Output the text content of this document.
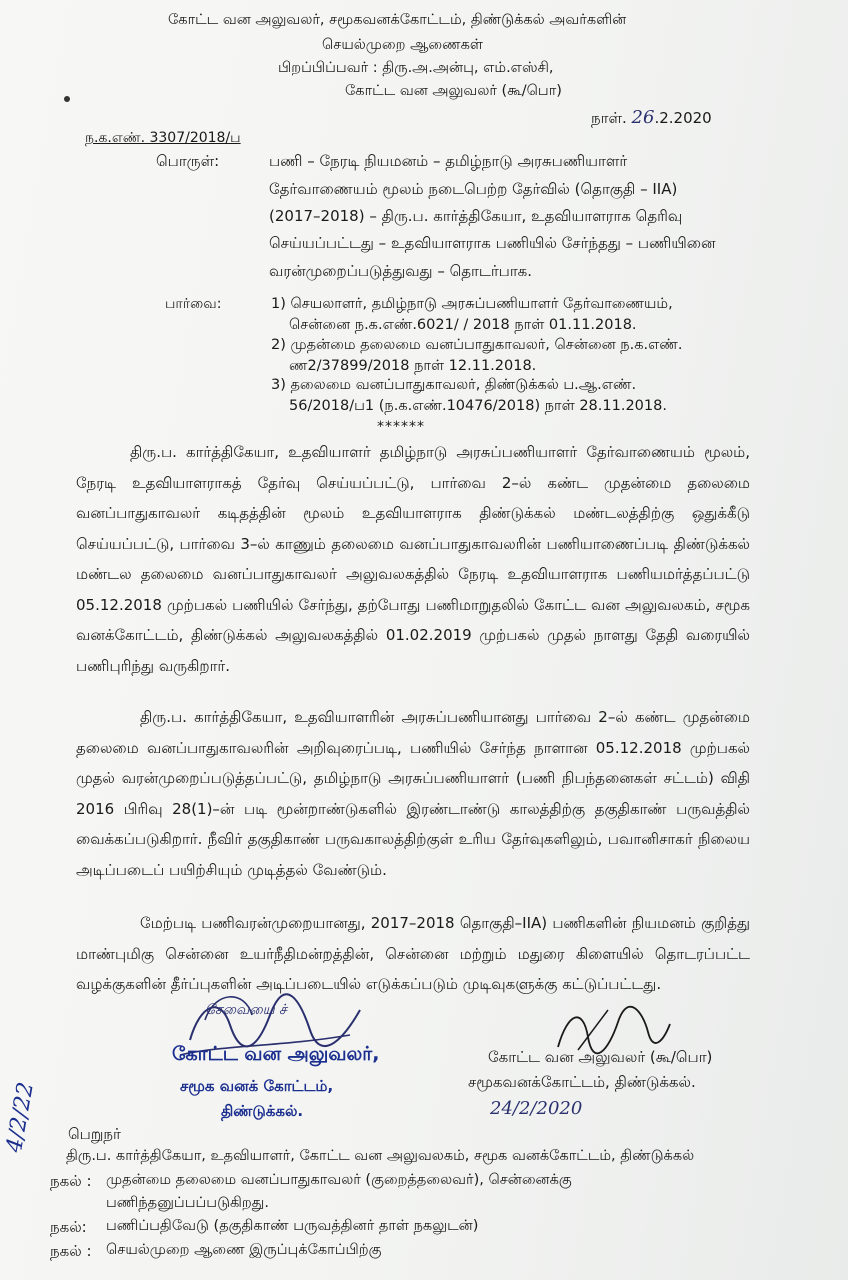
கோட்ட வன அலுவலர், சமூகவனக்கோட்டம், திண்டுக்கல் அவர்களின்
செயல்முறை ஆணைகள்
பிறப்பிப்பவர் : திரு.அ.அன்பு, எம்.எஸ்சி,
கோட்ட வன அலுவலர் (கூ/பொ)
ந.க.எண். 3307/2018/ப
நாள். 26.2.2020
பொருள்:	பணி – நேரடி நியமனம் – தமிழ்நாடு அரசுபணியாளர்
தேர்வாணையம் மூலம் நடைபெற்ற தேர்வில் (தொகுதி – IIA)
(2017–2018) – திரு.ப. கார்த்திகேயா, உதவியாளராக தெரிவு
செய்யப்பட்டது – உதவியாளராக பணியில் சேர்ந்தது – பணியினை
வரன்முறைப்படுத்துவது – தொடர்பாக.
பார்வை:	1) செயலாளர், தமிழ்நாடு அரசுப்பணியாளர் தேர்வாணையம்,
சென்னை ந.க.எண்.6021/ / 2018 நாள் 01.11.2018.
2) முதன்மை தலைமை வனப்பாதுகாவலர், சென்னை ந.க.எண்.
ண2/37899/2018 நாள் 12.11.2018.
3) தலைமை வனப்பாதுகாவலர், திண்டுக்கல் ப.ஆ.எண்.
56/2018/ப1 (ந.க.எண்.10476/2018) நாள் 28.11.2018.
******
திரு.ப. கார்த்திகேயா, உதவியாளர் தமிழ்நாடு அரசுப்பணியாளர் தேர்வாணையம் மூலம், நேரடி உதவியாளராகத் தேர்வு செய்யப்பட்டு, பார்வை 2–ல் கண்ட முதன்மை தலைமை வனப்பாதுகாவலர் கடிதத்தின் மூலம் உதவியாளராக திண்டுக்கல் மண்டலத்திற்கு ஒதுக்கீடு செய்யப்பட்டு, பார்வை 3–ல் காணும் தலைமை வனப்பாதுகாவலரின் பணியாணைப்படி திண்டுக்கல் மண்டல தலைமை வனப்பாதுகாவலர் அலுவலகத்தில் நேரடி உதவியாளராக பணியமர்த்தப்பட்டு 05.12.2018 முற்பகல் பணியில் சேர்ந்து, தற்போது பணிமாறுதலில் கோட்ட வன அலுவலகம், சமூக வனக்கோட்டம், திண்டுக்கல் அலுவலகத்தில் 01.02.2019 முற்பகல் முதல் நாளது தேதி வரையில் பணிபுரிந்து வருகிறார்.
திரு.ப. கார்த்திகேயா, உதவியாளரின் அரசுப்பணியானது பார்வை 2–ல் கண்ட முதன்மை தலைமை வனப்பாதுகாவலரின் அறிவுரைப்படி, பணியில் சேர்ந்த நாளான 05.12.2018 முற்பகல் முதல் வரன்முறைப்படுத்தப்பட்டு, தமிழ்நாடு அரசுப்பணியாளர் (பணி நிபந்தனைகள் சட்டம்) விதி 2016 பிரிவு 28(1)–ன் படி மூன்றாண்டுகளில் இரண்டாண்டு காலத்திற்கு தகுதிகாண் பருவத்தில் வைக்கப்படுகிறார். நீவிர் தகுதிகாண் பருவகாலத்திற்குள் உரிய தேர்வுகளிலும், பவானிசாகர் நிலைய அடிப்படைப் பயிற்சியும் முடித்தல் வேண்டும்.
மேற்படி பணிவரன்முறையானது, 2017–2018 தொகுதி–IIA) பணிகளின் நியமனம் குறித்து மாண்புமிகு சென்னை உயர்நீதிமன்றத்தின், சென்னை மற்றும் மதுரை கிளையில் தொடரப்பட்ட வழக்குகளின் தீர்ப்புகளின் அடிப்படையில் எடுக்கப்படும் முடிவுகளுக்கு கட்டுப்பட்டது.
சேவையை ச்
கோட்ட வன அலுவலர்,
சமூக வனக் கோட்டம்,
திண்டுக்கல்.
கோட்ட வன அலுவலர் (கூ/பொ)
சமூகவனக்கோட்டம், திண்டுக்கல்.
24/2/2020
பெறுநர்
திரு.ப. கார்த்திகேயா, உதவியாளர், கோட்ட வன அலுவலகம், சமூக வனக்கோட்டம், திண்டுக்கல்
நகல் : முதன்மை தலைமை வனப்பாதுகாவலர் (குறைத்தலைவர்), சென்னைக்கு
பணிந்தனுப்பப்படுகிறது.
நகல்: பணிப்பதிவேடு (தகுதிகாண் பருவத்தினர் தாள் நகலுடன்)
நகல் : செயல்முறை ஆணை இருப்புக்கோப்பிற்கு
4/2/22
